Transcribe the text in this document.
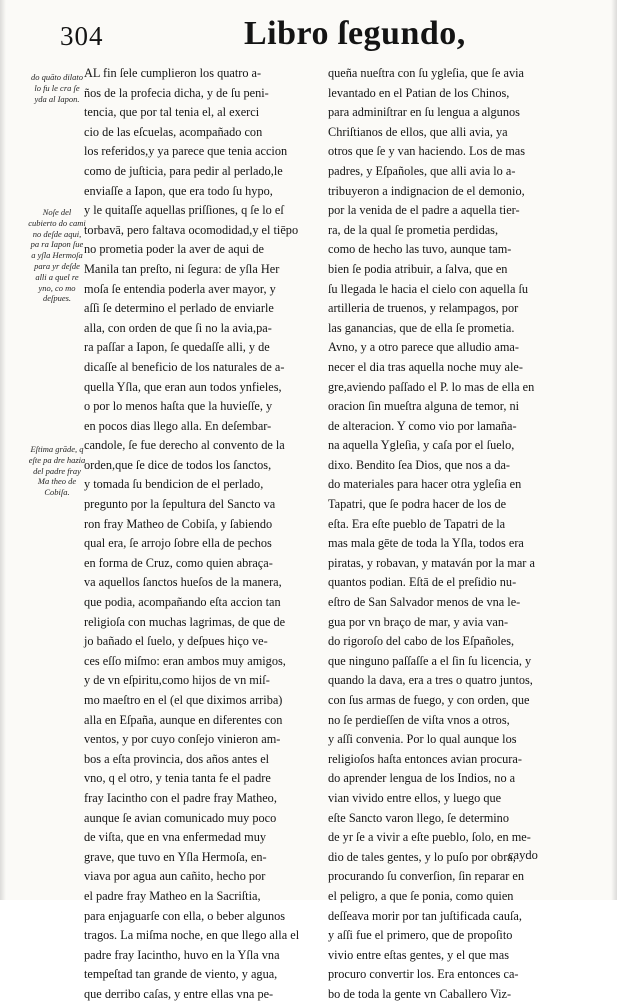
304	Libro ſegundo,
do quāto dilato lo fu le cra ſe yda al Iapon.
Noſe del cubierto do cami no deſde aqui, pa ra Iapon ſue a yſla Hermoſa para yr deſde alli a quel re yno, co mo deſpues.
Eſtima grāde, q eſte pa dre hazia del padre fray Ma theo de Cobiſa.
AL fin ſele cumplieron los quatro a-
ños de la profecia dicha, y de ſu peni-
tencia, que por tal tenia el, al exerci
cio de las eſcuelas, acompañado con
los referidos,y ya parece que tenia accion
como de juſticia, para pedir al perlado,le
enviaſſe a Iapon, que era todo ſu hypo,
y le quitaſſe aquellas priſſiones, q ſe lo eſ
torbavā, pero faltava ocomodidad,y el tiēpo
no prometia poder la aver de aqui de
Manila tan preſto, ni ſegura: de yſla Her
moſa ſe entendia poderla aver mayor, y
aſſi ſe determino el perlado de enviarle
alla, con orden de que ſi no la avia,pa-
ra paſſar a Iapon, ſe quedaſſe alli, y de
dicaſſe al beneficio de los naturales de a-
quella Yſla, que eran aun todos ynfieles,
o por lo menos haſta que la huvieſſe, y
en pocos dias llego alla. En deſembar-
candole, ſe fue derecho al convento de la
orden,que ſe dice de todos los ſanctos,
y tomada ſu bendicion de el perlado,
pregunto por la ſepultura del Sancto va
ron fray Matheo de Cobiſa, y ſabiendo
qual era, ſe arrojo ſobre ella de pechos
en forma de Cruz, como quien abraça-
va aquellos ſanctos hueſos de la manera,
que podia, acompañando eſta accion tan
religioſa con muchas lagrimas, de que de
jo bañado el ſuelo, y deſpues hiço ve-
ces eſſo miſmo: eran ambos muy amigos,
y de vn eſpiritu,como hijos de vn miſ-
mo maeſtro en el (el que diximos arriba)
alla en Eſpaña, aunque en diferentes con
ventos, y por cuyo conſejo vinieron am-
bos a eſta provincia, dos años antes el
vno, q el otro, y tenia tanta fe el padre
fray Iacintho con el padre fray Matheo,
aunque ſe avian comunicado muy poco
de viſta, que en vna enfermedad muy
grave, que tuvo en Yſla Hermoſa, en-
viava por agua aun cañito, hecho por
el padre fray Matheo en la Sacriſtia,
para enjaguarſe con ella, o beber algunos
tragos. La miſma noche, en que llego alla el
padre fray Iacintho, huvo en la Yſla vna
tempeſtad tan grande de viento, y agua,
que derribo caſas, y entre ellas vna pe-
queña nueſtra con ſu ygleſia, que ſe avia
levantado en el Patian de los Chinos,
para adminiſtrar en ſu lengua a algunos
Chriſtianos de ellos, que alli avia, ya
otros que ſe y van haciendo. Los de mas
padres, y Eſpañoles, que alli avia lo a-
tribuyeron a indignacion de el demonio,
por la venida de el padre a aquella tier-
ra, de la qual ſe prometia perdidas,
como de hecho las tuvo, aunque tam-
bien ſe podia atribuir, a ſalva, que en
ſu llegada le hacia el cielo con aquella ſu
artilleria de truenos, y relampagos, por
las ganancias, que de ella ſe prometia.
Avno, y a otro parece que alludio ama-
necer el dia tras aquella noche muy ale-
gre,aviendo paſſado el P. lo mas de ella en
oracion ſin mueſtra alguna de temor, ni
de alteracion. Y como vio por lamaña-
na aquella Ygleſia, y caſa por el ſuelo,
dixo. Bendito ſea Dios, que nos a da-
do materiales para hacer otra ygleſia en
Tapatri, que ſe podra hacer de los de
eſta. Era eſte pueblo de Tapatri de la
mas mala gēte de toda la Yſla, todos era
piratas, y robavan, y mataván por la mar a
quantos podian. Eſtā de el preſidio nu-
eſtro de San Salvador menos de vna le-
gua por vn braço de mar, y avia van-
do rigoroſo del cabo de los Eſpañoles,
que ninguno paſſaſſe a el ſin ſu licencia, y
quando la dava, era a tres o quatro juntos,
con ſus armas de fuego, y con orden, que
no ſe perdieſſen de viſta vnos a otros,
y aſſi convenia. Por lo qual aunque los
religioſos haſta entonces avian procura-
do aprender lengua de los Indios, no a
vian vivido entre ellos, y luego que
eſte Sancto varon llego, ſe determino
de yr ſe a vivir a eſte pueblo, ſolo, en me-
dio de tales gentes, y lo puſo por obra,
procurando ſu converſion, ſin reparar en
el peligro, a que ſe ponia, como quien
deſſeava morir por tan juſtificada cauſa,
y aſſi fue el primero, que de propoſito
vivio entre eſtas gentes, y el que mas
procuro convertir los. Era entonces ca-
bo de toda la gente vn Caballero Viz-
caydo
